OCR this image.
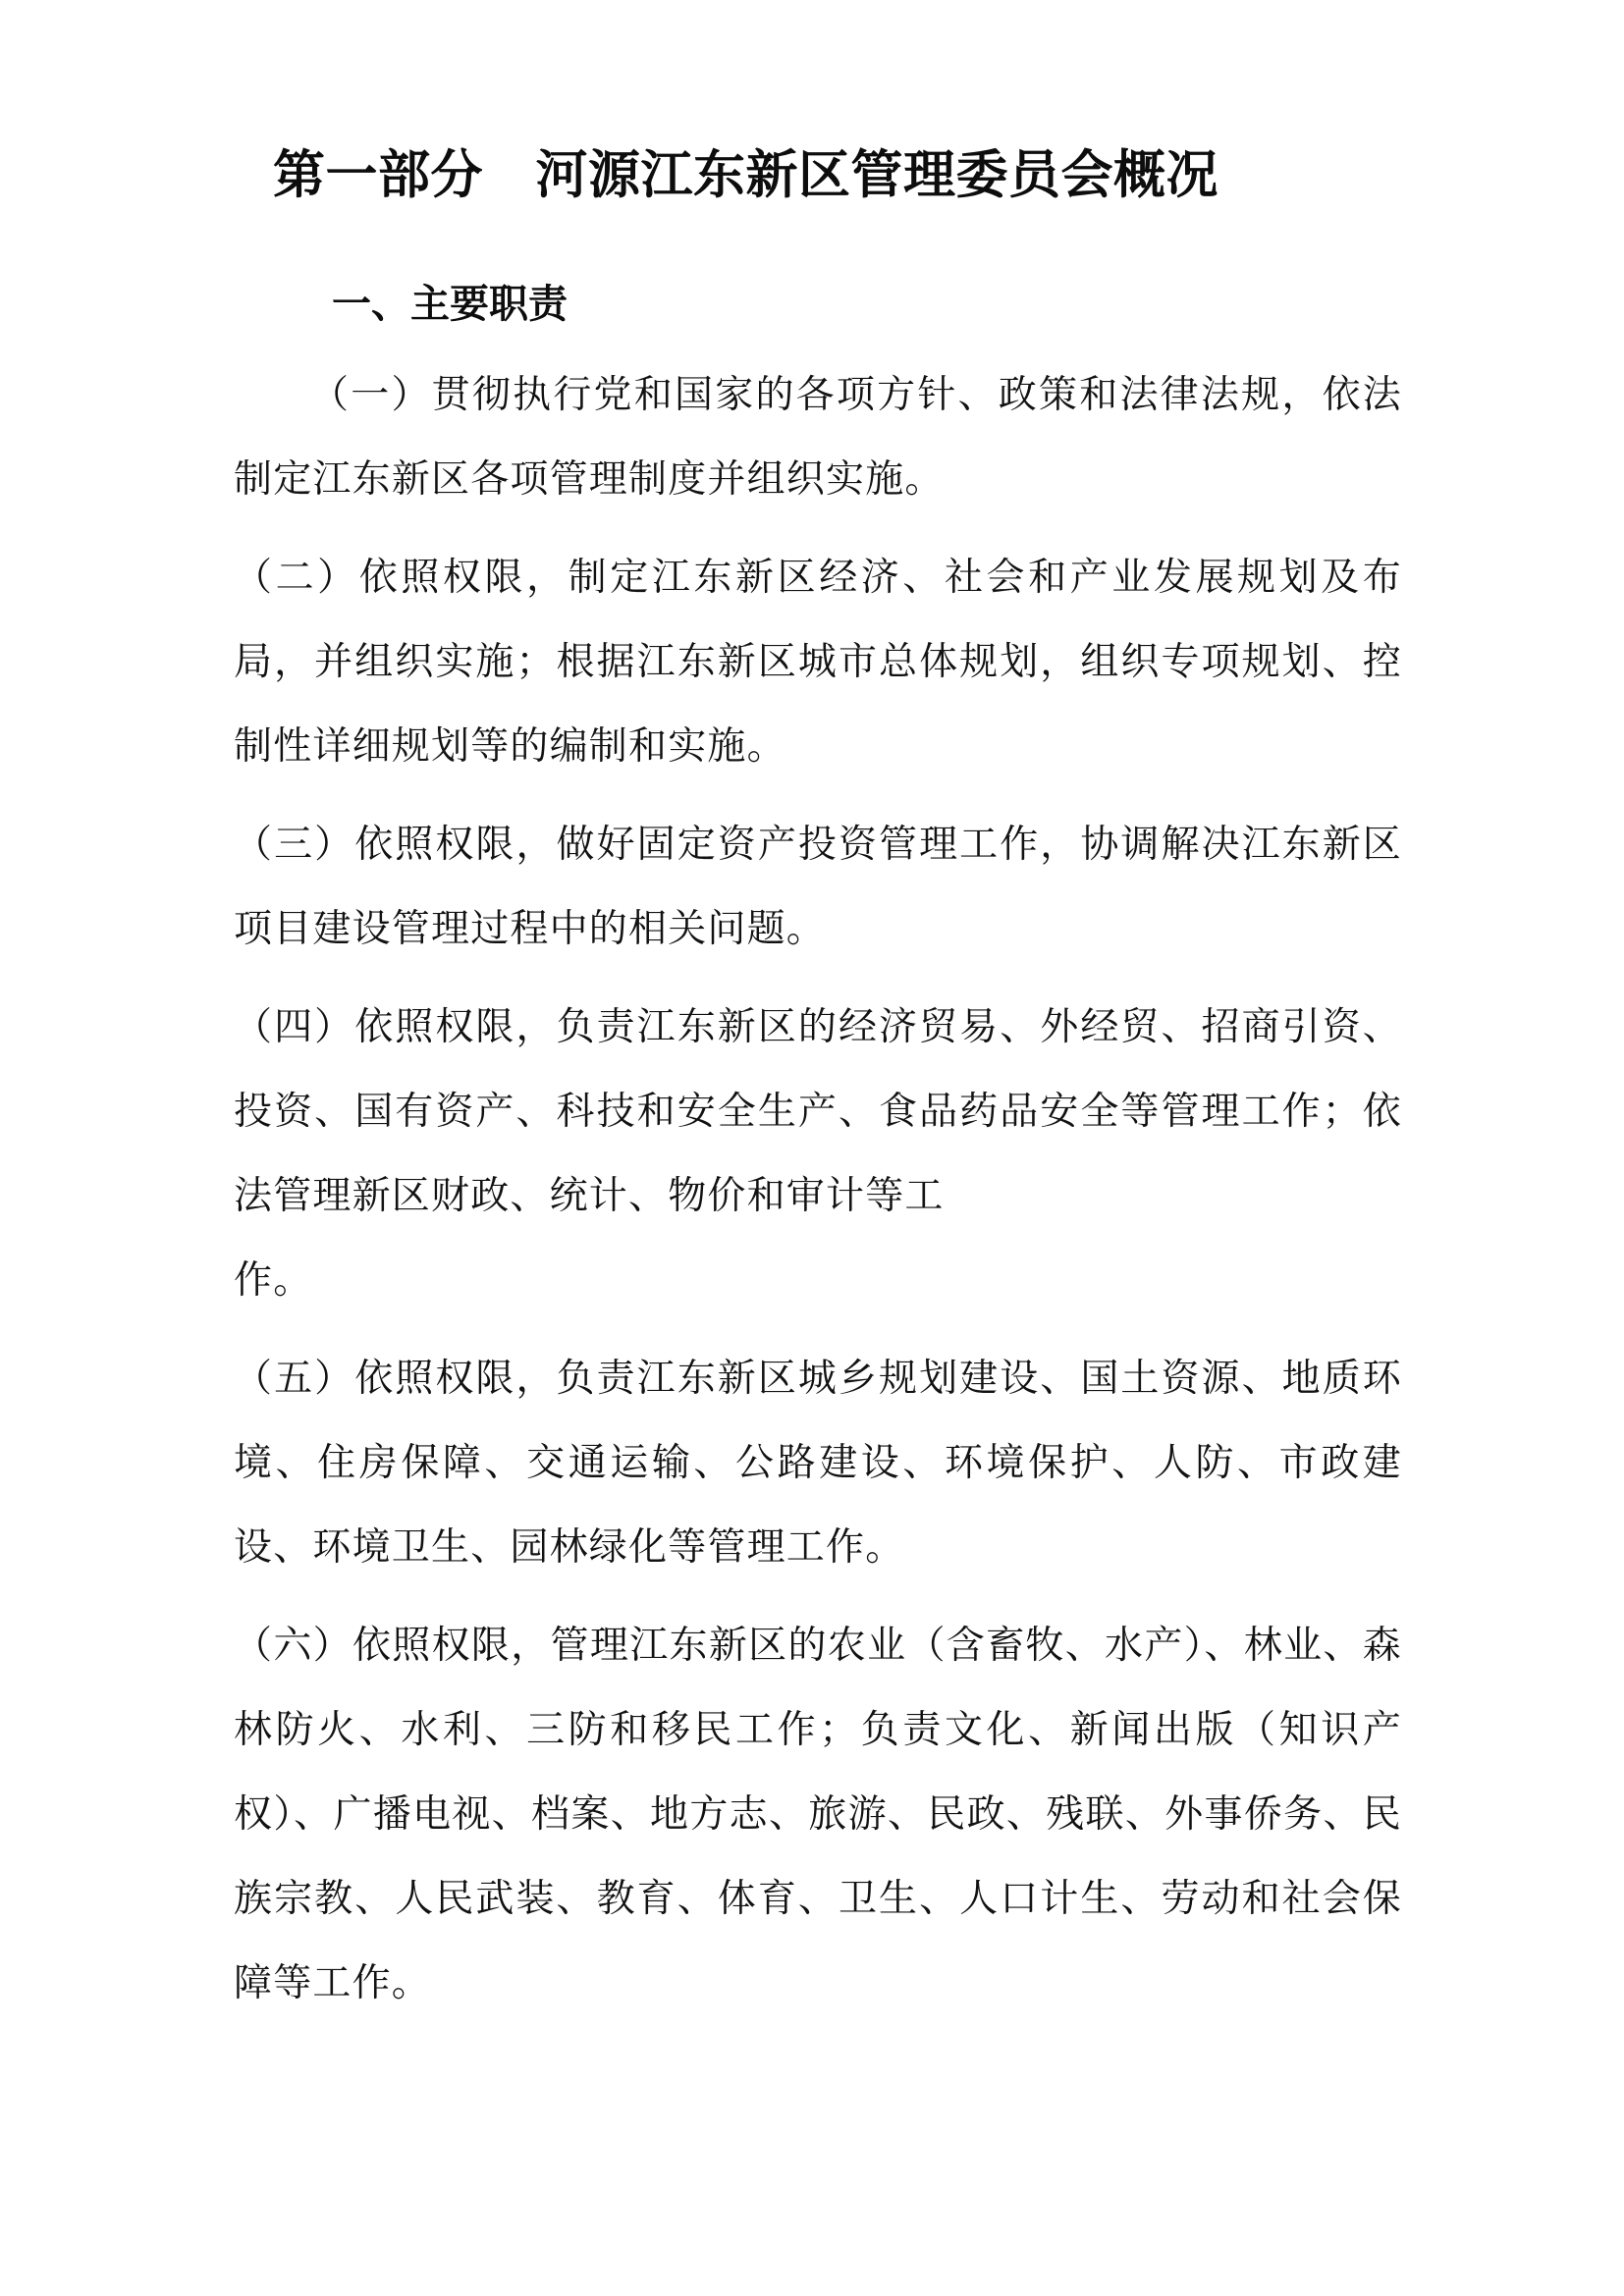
第一部分　河源江东新区管理委员会概况
一、主要职责

（一）贯彻执行党和国家的各项方针、政策和法律法规，依法制定江东新区各项管理制度并组织实施。

（二）依照权限，制定江东新区经济、社会和产业发展规划及布局，并组织实施；根据江东新区城市总体规划，组织专项规划、控制性详细规划等的编制和实施。

（三）依照权限，做好固定资产投资管理工作，协调解决江东新区项目建设管理过程中的相关问题。

（四）依照权限，负责江东新区的经济贸易、外经贸、招商引资、投资、国有资产、科技和安全生产、食品药品安全等管理工作；依法管理新区财政、统计、物价和审计等工

作。

（五）依照权限，负责江东新区城乡规划建设、国土资源、地质环境、住房保障、交通运输、公路建设、环境保护、人防、市政建设、环境卫生、园林绿化等管理工作。

（六）依照权限，管理江东新区的农业（含畜牧、水产）、林业、森林防火、水利、三防和移民工作；负责文化、新闻出版（知识产权）、广播电视、档案、地方志、旅游、民政、残联、外事侨务、民族宗教、人民武装、教育、体育、卫生、人口计生、劳动和社会保障等工作。
